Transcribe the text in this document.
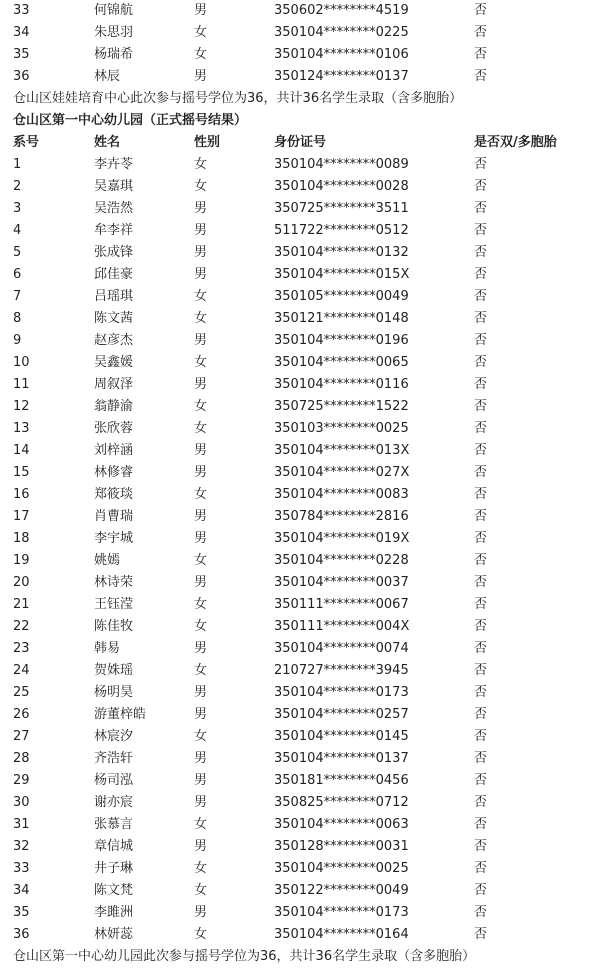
33	何锦航	男	350602********4519	否
34	朱思羽	女	350104********0225	否
35	杨瑞希	女	350104********0106	否
36	林辰	男	350124********0137	否
仓山区娃娃培育中心此次参与摇号学位为36，共计36名学生录取（含多胞胎）
仓山区第一中心幼儿园（正式摇号结果）
系号	姓名	性别	身份证号	是否双/多胞胎
1	李卉苓	女	350104********0089	否
2	吴嘉琪	女	350104********0028	否
3	吴浩然	男	350725********3511	否
4	牟李祥	男	511722********0512	否
5	张成锋	男	350104********0132	否
6	邱佳豪	男	350104********015X	否
7	吕瑶琪	女	350105********0049	否
8	陈文茜	女	350121********0148	否
9	赵彦杰	男	350104********0196	否
10	吴鑫媛	女	350104********0065	否
11	周叙泽	男	350104********0116	否
12	翁静渝	女	350725********1522	否
13	张欣蓉	女	350103********0025	否
14	刘梓涵	男	350104********013X	否
15	林修睿	男	350104********027X	否
16	郑筱琰	女	350104********0083	否
17	肖曹瑞	男	350784********2816	否
18	李宇城	男	350104********019X	否
19	姚嫣	女	350104********0228	否
20	林诗荣	男	350104********0037	否
21	王钰滢	女	350111********0067	否
22	陈佳牧	女	350111********004X	否
23	韩易	男	350104********0074	否
24	贺姝瑶	女	210727********3945	否
25	杨明昊	男	350104********0173	否
26	游董梓皓	男	350104********0257	否
27	林宸汐	女	350104********0145	否
28	齐浩轩	男	350104********0137	否
29	杨司泓	男	350181********0456	否
30	谢亦宸	男	350825********0712	否
31	张慕言	女	350104********0063	否
32	章信城	男	350128********0031	否
33	井子琳	女	350104********0025	否
34	陈文梵	女	350122********0049	否
35	李雎洲	男	350104********0173	否
36	林妍蕊	女	350104********0164	否
仓山区第一中心幼儿园此次参与摇号学位为36，共计36名学生录取（含多胞胎）
